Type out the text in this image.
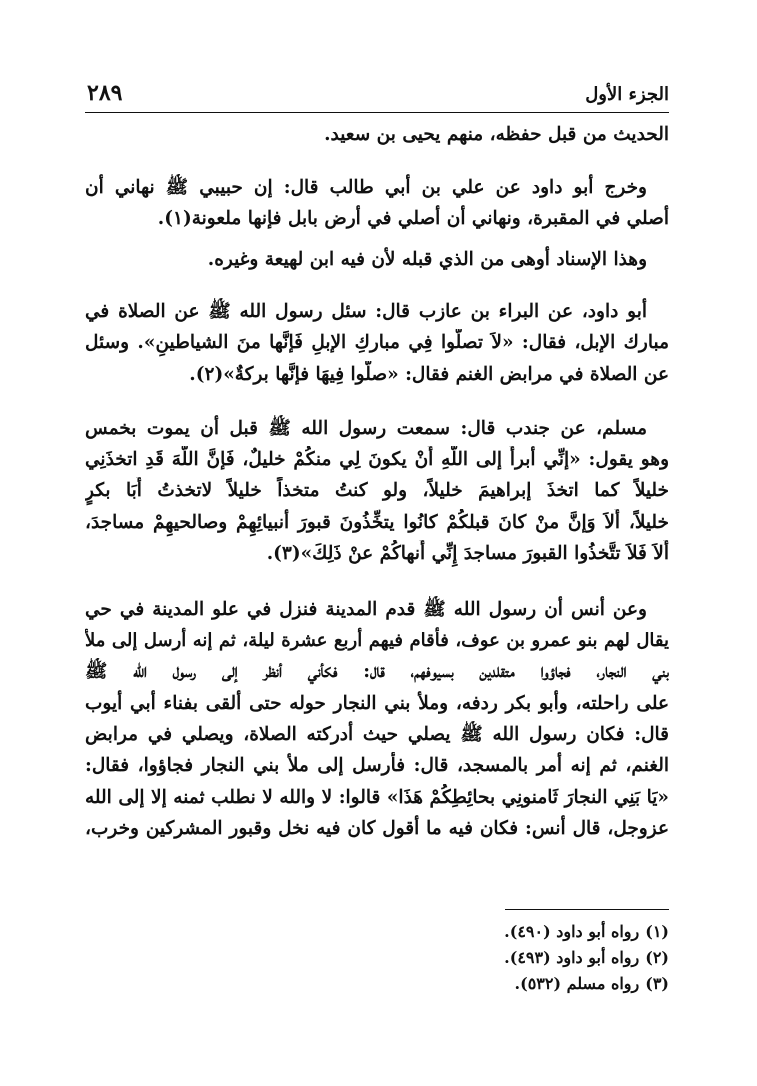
الجزء الأول
٢٨٩
الحديث من قبل حفظه، منهم يحيى بن سعيد.
وخرج أبو داود عن علي بن أبي طالب قال: إن حبيبي ﷺ نهاني أن
أصلي في المقبرة، ونهاني أن أصلي في أرض بابل فإنها ملعونة(١).
وهذا الإسناد أوهى من الذي قبله لأن فيه ابن لهيعة وغيره.
أبو داود، عن البراء بن عازب قال: سئل رسول الله ﷺ عن الصلاة في
مبارك الإبل، فقال: «لاَ تصلُّوا فِي مباركِ الإبلِ فَإنَّها منَ الشياطينِ». وسئل
عن الصلاة في مرابض الغنم فقال: «صلُّوا فِيهَا فإنَّها بركةٌ»(٢).
مسلم، عن جندب قال: سمعت رسول الله ﷺ قبل أن يموت بخمس
وهو يقول: «إنِّي أبرأُ إلى اللَّهِ أَنْ يكونَ لِي منكُمْ خليلٌ، فَإنَّ اللَّهَ قَدِ اتخذَنِي
خليلاً كما اتخذَ إبراهيمَ خليلاً، ولو كنتُ متخذاً خليلاً لاتخذتُ أَبَا بكرٍ
خليلاً، أَلاَ وَإنَّ منْ كانَ قبلكُمْ كانُوا يتخِّذُونَ قبورَ أنبيائِهِمْ وصالحيهِمْ مساجدَ،
أَلاَ فَلاَ تتَّخذُوا القبورَ مساجدَ إِنِّي أَنهاكُمْ عنْ ذَلِكَ»(٣).
وعن أنس أن رسول الله ﷺ قدم المدينة فنزل في علو المدينة في حي
يقال لهم بنو عمرو بن عوف، فأقام فيهم أربع عشرة ليلة، ثم إنه أرسل إلى ملأ
بني النجار، فجاؤوا متقلدين بسيوفهم، قال: فكأني أنظر إلى رسول الله ﷺ
على راحلته، وأبو بكر ردفه، وملأ بني النجار حوله حتى ألقى بفناء أبي أيوب
قال: فكان رسول الله ﷺ يصلي حيث أدركته الصلاة، ويصلي في مرابض
الغنم، ثم إنه أمر بالمسجد، قال: فأرسل إلى ملأ بني النجار فجاؤوا، فقال:
«يَا بَنِي النجارَ ثَامنونِي بحائِطِكُمْ هَذَا» قالوا: لا والله لا نطلب ثمنه إلا إلى الله
عزوجل، قال أنس: فكان فيه ما أقول كان فيه نخل وقبور المشركين وخرب،
(١)رواه أبو داود (٤٩٠).
(٢)رواه أبو داود (٤٩٣).
(٣)رواه مسلم (٥٣٢).
